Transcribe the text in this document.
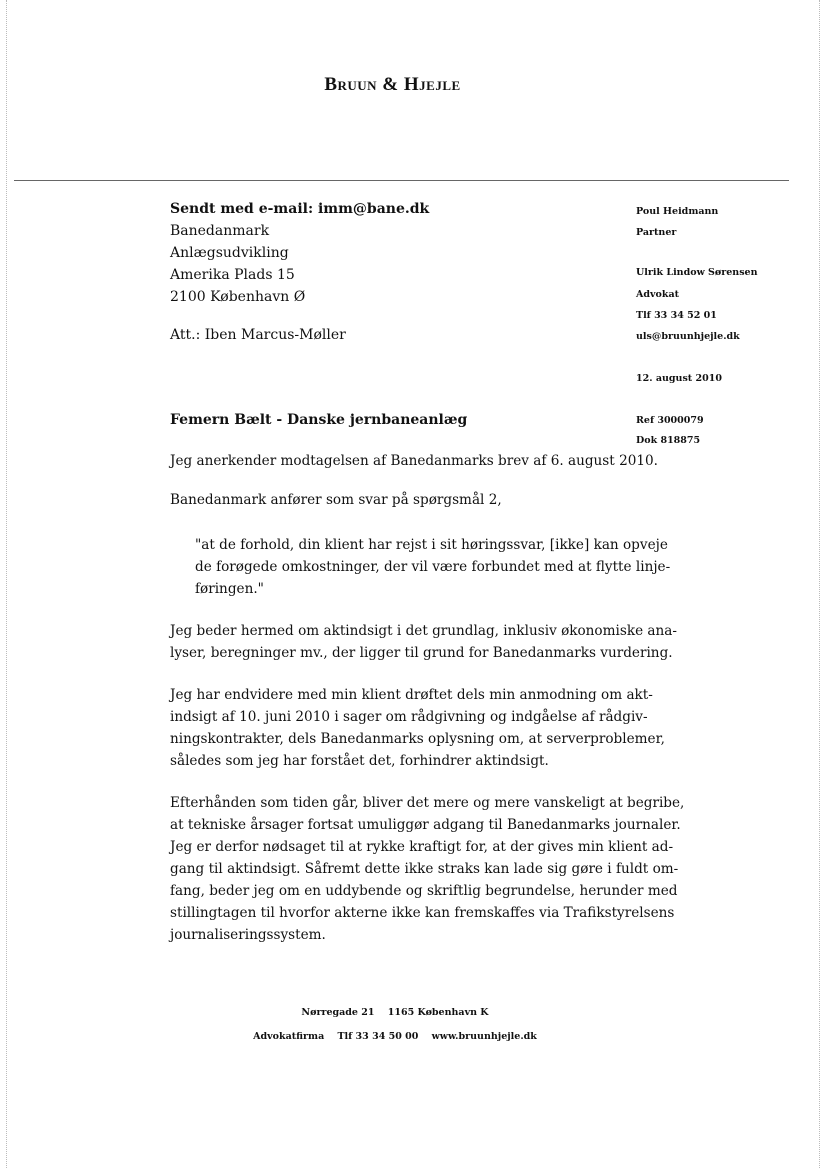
Bruun & Hjejle
Sendt med e-mail: imm@bane.dk
Banedanmark
Anlægsudvikling
Amerika Plads 15
2100 København Ø
Att.: Iben Marcus-Møller
Poul Heidmann
Partner
Ulrik Lindow Sørensen
Advokat
Tlf 33 34 52 01
uls@bruunhjejle.dk
12. august 2010
Ref 3000079
Dok 818875
Femern Bælt - Danske jernbaneanlæg
Jeg anerkender modtagelsen af Banedanmarks brev af 6. august 2010.
Banedanmark anfører som svar på spørgsmål 2,
"at de forhold, din klient har rejst i sit høringssvar, [ikke] kan opveje
de forøgede omkostninger, der vil være forbundet med at flytte linje-
føringen."
Jeg beder hermed om aktindsigt i det grundlag, inklusiv økonomiske ana-
lyser, beregninger mv., der ligger til grund for Banedanmarks vurdering.
Jeg har endvidere med min klient drøftet dels min anmodning om akt-
indsigt af 10. juni 2010 i sager om rådgivning og indgåelse af rådgiv-
ningskontrakter, dels Banedanmarks oplysning om, at serverproblemer,
således som jeg har forstået det, forhindrer aktindsigt.
Efterhånden som tiden går, bliver det mere og mere vanskeligt at begribe,
at tekniske årsager fortsat umuliggør adgang til Banedanmarks journaler.
Jeg er derfor nødsaget til at rykke kraftigt for, at der gives min klient ad-
gang til aktindsigt. Såfremt dette ikke straks kan lade sig gøre i fuldt om-
fang, beder jeg om en uddybende og skriftlig begrundelse, herunder med
stillingtagen til hvorfor akterne ikke kan fremskaffes via Trafikstyrelsens
journaliseringssystem.
Nørregade 21    1165 København K
Advokatfirma    Tlf 33 34 50 00    www.bruunhjejle.dk
